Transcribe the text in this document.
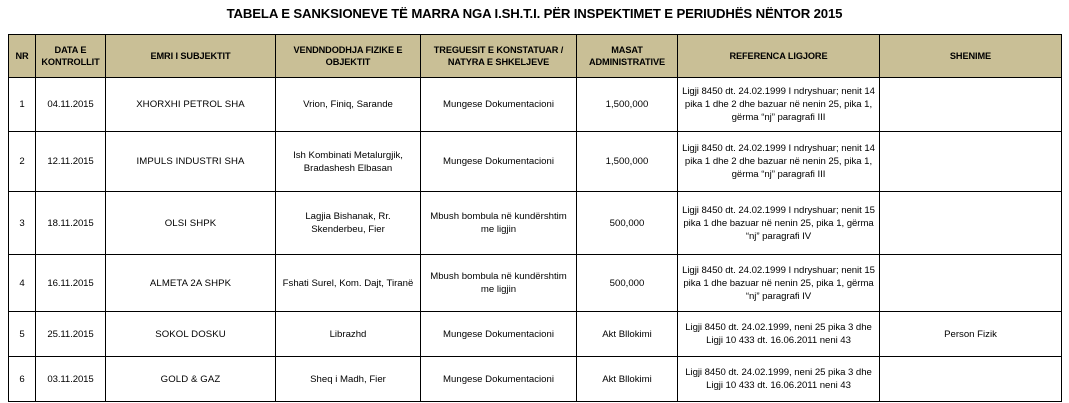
TABELA E SANKSIONEVE TË MARRA NGA I.SH.T.I. PËR INSPEKTIMET E PERIUDHËS NËNTOR 2015
NR	DATA E KONTROLLIT	EMRI I SUBJEKTIT	VENDNDODHJA FIZIKE E OBJEKTIT	TREGUESIT E KONSTATUAR / NATYRA E SHKELJEVE	MASAT ADMINISTRATIVE	REFERENCA LIGJORE	SHENIME
1	04.11.2015	XHORXHI PETROL SHA	Vrion, Finiq, Sarande	Mungese Dokumentacioni	1,500,000	Ligji 8450 dt. 24.02.1999 I ndryshuar; nenit 14 pika 1 dhe 2 dhe bazuar në nenin 25, pika 1, gërma “nj” paragrafi III	
2	12.11.2015	IMPULS INDUSTRI SHA	Ish Kombinati Metalurgjik, Bradashesh Elbasan	Mungese Dokumentacioni	1,500,000	Ligji 8450 dt. 24.02.1999 I ndryshuar; nenit 14 pika 1 dhe 2 dhe bazuar në nenin 25, pika 1, gërma “nj” paragrafi III	
3	18.11.2015	OLSI SHPK	Lagjia Bishanak, Rr. Skenderbeu, Fier	Mbush bombula në kundërshtim me ligjin	500,000	Ligji 8450 dt. 24.02.1999 I ndryshuar; nenit 15 pika 1 dhe bazuar në nenin 25, pika 1, gërma “nj” paragrafi IV	
4	16.11.2015	ALMETA 2A SHPK	Fshati Surel, Kom. Dajt, Tiranë	Mbush bombula në kundërshtim me ligjin	500,000	Ligji 8450 dt. 24.02.1999 I ndryshuar; nenit 15 pika 1 dhe bazuar në nenin 25, pika 1, gërma “nj” paragrafi IV	
5	25.11.2015	SOKOL DOSKU	Librazhd	Mungese Dokumentacioni	Akt Bllokimi	Ligji 8450 dt. 24.02.1999, neni 25 pika 3 dhe Ligji 10 433 dt. 16.06.2011 neni 43	Person Fizik
6	03.11.2015	GOLD & GAZ	Sheq i Madh, Fier	Mungese Dokumentacioni	Akt Bllokimi	Ligji 8450 dt. 24.02.1999, neni 25 pika 3 dhe Ligji 10 433 dt. 16.06.2011 neni 43	
